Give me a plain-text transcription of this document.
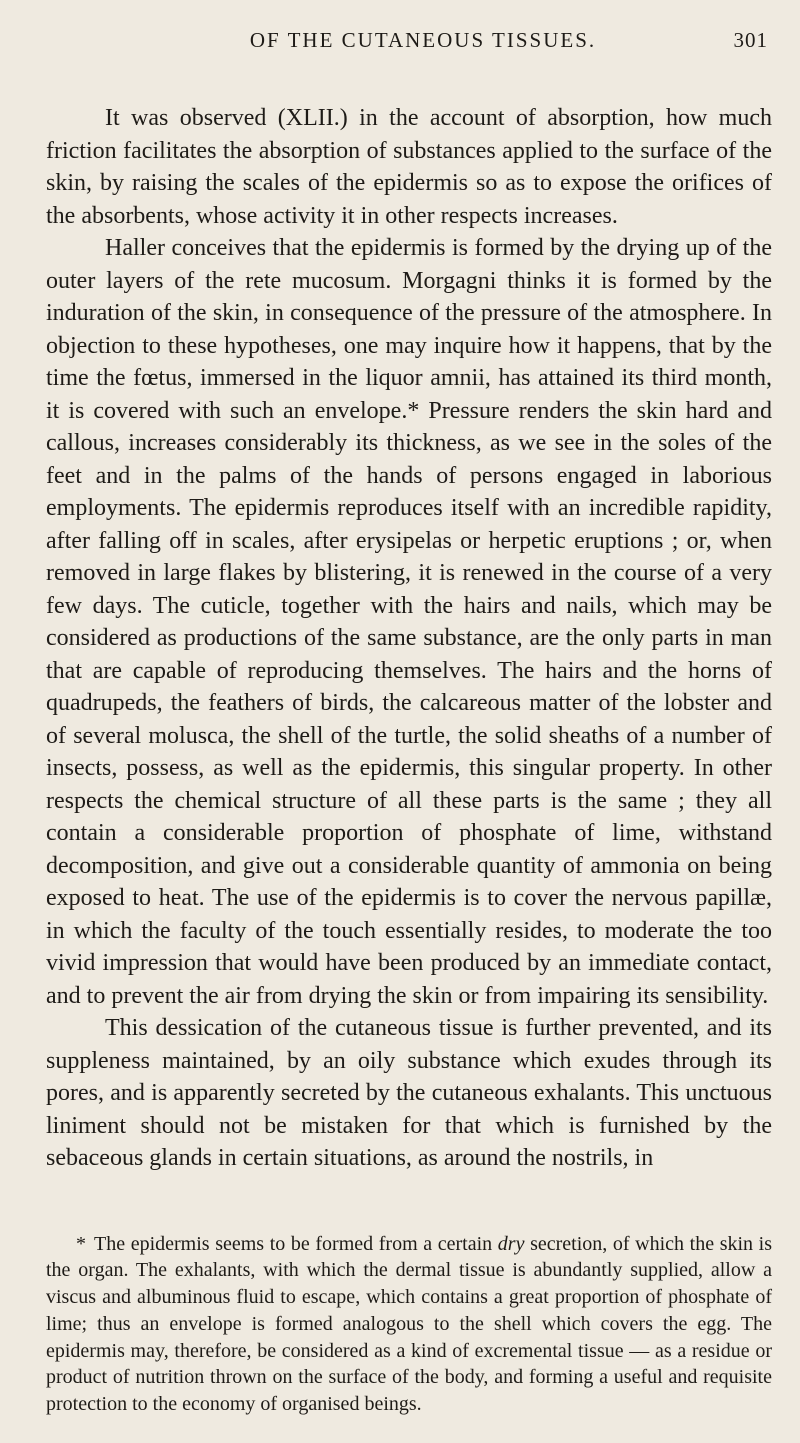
OF THE CUTANEOUS TISSUES.	301

It was observed (XLII.) in the account of absorption, how much friction facilitates the absorption of substances applied to the surface of the skin, by raising the scales of the epidermis so as to expose the orifices of the absorbents, whose activity it in other respects increases.

Haller conceives that the epidermis is formed by the drying up of the outer layers of the rete mucosum. Morgagni thinks it is formed by the induration of the skin, in consequence of the pressure of the atmosphere. In objection to these hypotheses, one may inquire how it happens, that by the time the fœtus, immersed in the liquor amnii, has attained its third month, it is covered with such an envelope.* Pressure renders the skin hard and callous, increases considerably its thickness, as we see in the soles of the feet and in the palms of the hands of persons engaged in laborious employments. The epidermis reproduces itself with an incredible rapidity, after falling off in scales, after erysipelas or herpetic eruptions ; or, when removed in large flakes by blistering, it is renewed in the course of a very few days. The cuticle, together with the hairs and nails, which may be considered as productions of the same substance, are the only parts in man that are capable of reproducing themselves. The hairs and the horns of quadrupeds, the feathers of birds, the calcareous matter of the lobster and of several molusca, the shell of the turtle, the solid sheaths of a number of insects, possess, as well as the epidermis, this singular property. In other respects the chemical structure of all these parts is the same ; they all contain a considerable proportion of phosphate of lime, withstand decomposition, and give out a considerable quantity of ammonia on being exposed to heat. The use of the epidermis is to cover the nervous papillæ, in which the faculty of the touch essentially resides, to moderate the too vivid impression that would have been produced by an immediate contact, and to prevent the air from drying the skin or from impairing its sensibility.

This dessication of the cutaneous tissue is further prevented, and its suppleness maintained, by an oily substance which exudes through its pores, and is apparently secreted by the cutaneous exhalants. This unctuous liniment should not be mistaken for that which is furnished by the sebaceous glands in certain situations, as around the nostrils, in

* The epidermis seems to be formed from a certain dry secretion, of which the skin is the organ. The exhalants, with which the dermal tissue is abundantly supplied, allow a viscus and albuminous fluid to escape, which contains a great proportion of phosphate of lime; thus an envelope is formed analogous to the shell which covers the egg. The epidermis may, therefore, be considered as a kind of excremental tissue — as a residue or product of nutrition thrown on the surface of the body, and forming a useful and requisite protection to the economy of organised beings.
